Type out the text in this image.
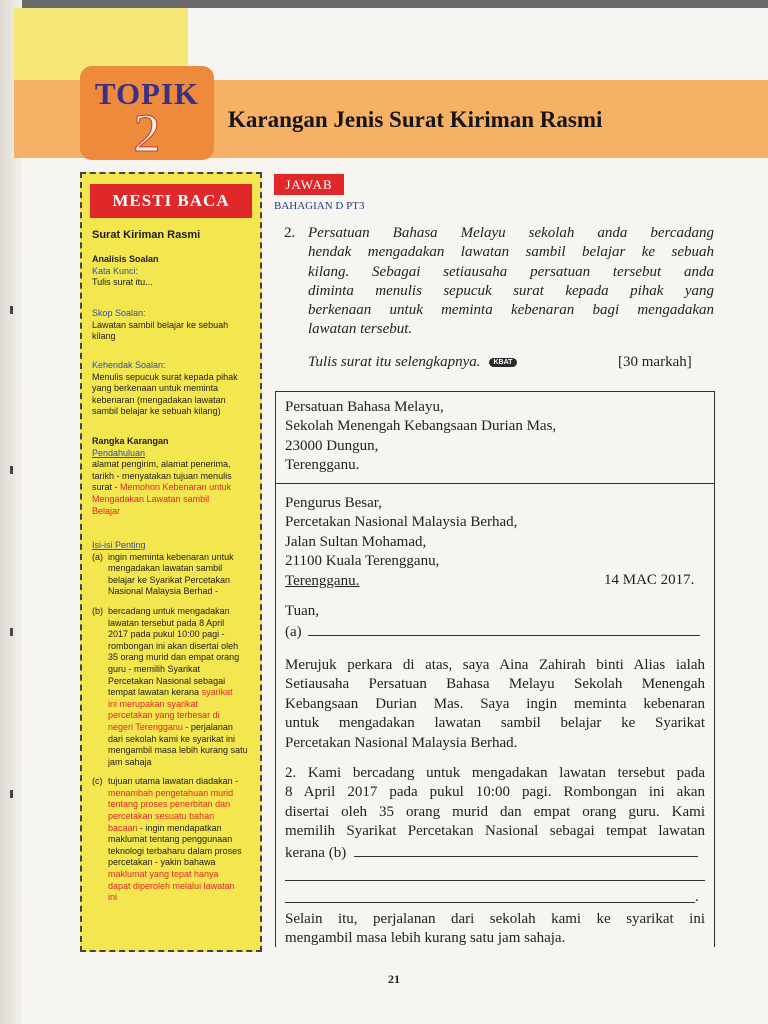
TOPIK
2	Karangan Jenis Surat Kiriman Rasmi
MESTI BACA
Surat Kiriman Rasmi
Analisis Soalan
Kata Kunci:
Tulis surat itu...
Skop Soalan:
Lawatan sambil belajar ke sebuah
kilang
Kehendak Soalan:
Menulis sepucuk surat kepada pihak
yang berkenaan untuk meminta
kebenaran (mengadakan lawatan
sambil belajar ke sebuah kilang)
Rangka Karangan
Pendahuluan
alamat pengirim, alamat penerima,
tarikh - menyatakan tujuan menulis
surat - Memohon Kebenaran untuk
Mengadakan Lawatan sambil
Belajar
Isi-isi Penting
(a) ingin meminta kebenaran untuk
mengadakan lawatan sambil
belajar ke Syarikat Percetakan
Nasional Malaysia Berhad -
(b) bercadang untuk mengadakan
lawatan tersebut pada 8 April
2017 pada pukul 10:00 pagi -
rombongan ini akan disertai oleh
35 orang murid dan empat orang
guru - memilih Syarikat
Percetakan Nasional sebagai
tempat lawatan kerana syarikat
ini merupakan syarikat
percetakan yang terbesar di
negeri Terengganu - perjalanan
dari sekolah kami ke syarikat ini
mengambil masa lebih kurang satu
jam sahaja
(c) tujuan utama lawatan diadakan -
menambah pengetahuan murid
tentang proses penerbitan dan
percetakan sesuatu bahan
bacaan - ingin mendapatkan
maklumat tentang penggunaan
teknologi terbaharu dalam proses
percetakan - yakin bahawa
maklumat yang tepat hanya
dapat diperoleh melalui lawatan
ini
JAWAB
BAHAGIAN D PT3
2. Persatuan Bahasa Melayu sekolah anda bercadang
hendak mengadakan lawatan sambil belajar ke sebuah
kilang. Sebagai setiausaha persatuan tersebut anda
diminta menulis sepucuk surat kepada pihak yang
berkenaan untuk meminta kebenaran bagi mengadakan
lawatan tersebut.
Tulis surat itu selengkapnya. KBAT	[30 markah]
Persatuan Bahasa Melayu,
Sekolah Menengah Kebangsaan Durian Mas,
23000 Dungun,
Terengganu.
Pengurus Besar,
Percetakan Nasional Malaysia Berhad,
Jalan Sultan Mohamad,
21100 Kuala Terengganu,
Terengganu.	14 MAC 2017.
Tuan,
(a)
Merujuk perkara di atas, saya Aina Zahirah binti Alias ialah
Setiausaha Persatuan Bahasa Melayu Sekolah Menengah
Kebangsaan Durian Mas. Saya ingin meminta kebenaran
untuk mengadakan lawatan sambil belajar ke Syarikat
Percetakan Nasional Malaysia Berhad.
2. Kami bercadang untuk mengadakan lawatan tersebut pada
8 April 2017 pada pukul 10:00 pagi. Rombongan ini akan
disertai oleh 35 orang murid dan empat orang guru. Kami
memilih Syarikat Percetakan Nasional sebagai tempat lawatan
kerana (b)
.
Selain itu, perjalanan dari sekolah kami ke syarikat ini
mengambil masa lebih kurang satu jam sahaja.
21
